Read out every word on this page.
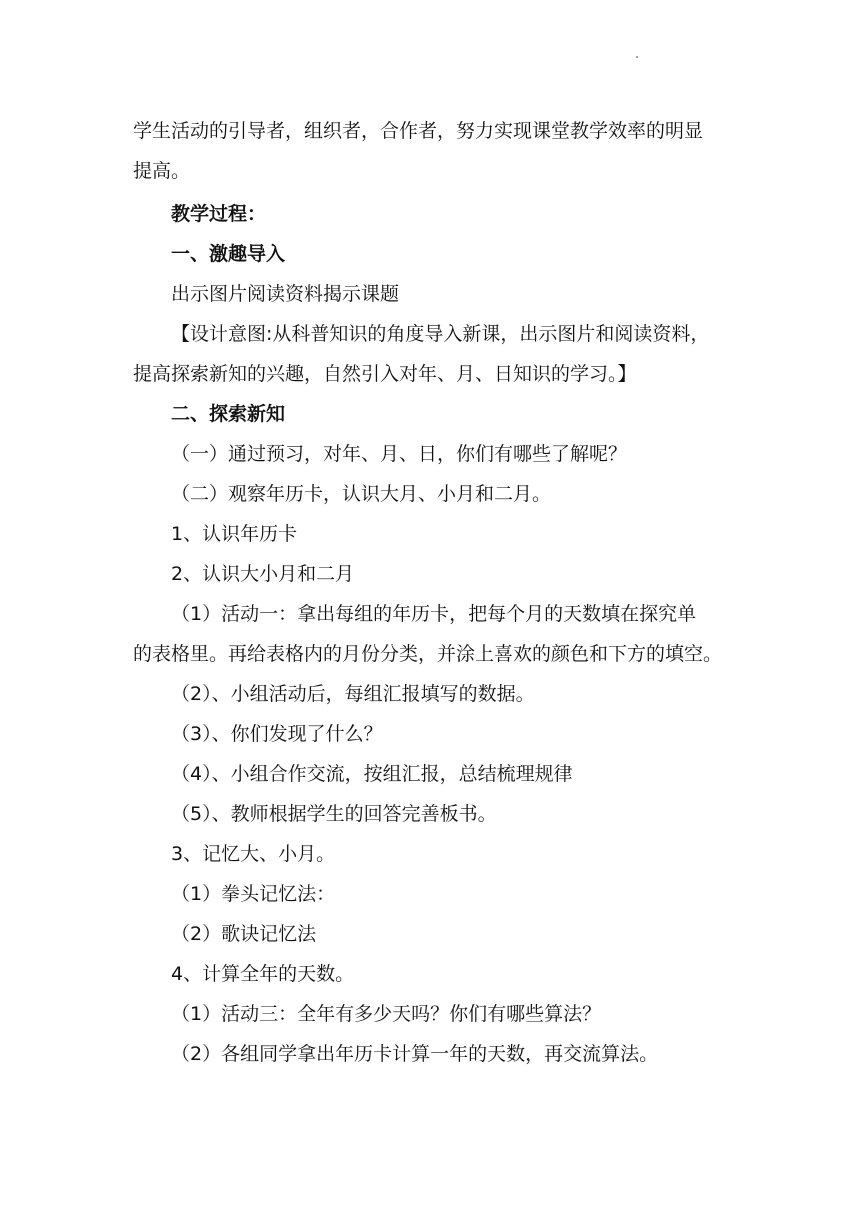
学生活动的引导者，组织者，合作者，努力实现课堂教学效率的明显
提高。
教学过程：
一、激趣导入
出示图片阅读资料揭示课题
【设计意图:从科普知识的角度导入新课，出示图片和阅读资料，
提高探索新知的兴趣，自然引入对年、月、日知识的学习。】
二、探索新知
（一）通过预习，对年、月、日，你们有哪些了解呢？
（二）观察年历卡，认识大月、小月和二月。
1、认识年历卡
2、认识大小月和二月
（1）活动一：拿出每组的年历卡，把每个月的天数填在探究单
的表格里。再给表格内的月份分类，并涂上喜欢的颜色和下方的填空。
（2）、小组活动后，每组汇报填写的数据。
（3）、你们发现了什么？
（4）、小组合作交流，按组汇报，总结梳理规律
（5）、教师根据学生的回答完善板书。
3、记忆大、小月。
（1）拳头记忆法：
（2）歌诀记忆法
4、计算全年的天数。
（1）活动三：全年有多少天吗？你们有哪些算法？
（2）各组同学拿出年历卡计算一年的天数，再交流算法。
